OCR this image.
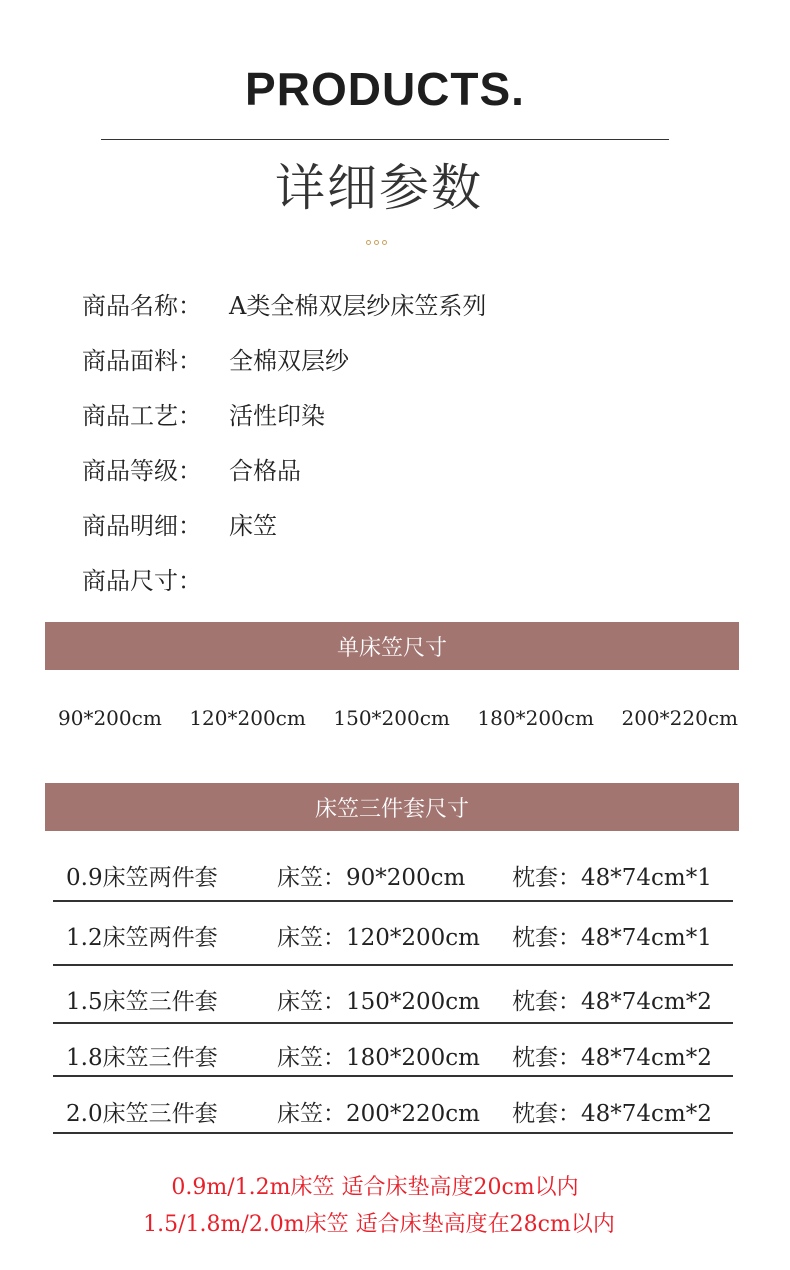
PRODUCTS.
详细参数
商品名称：	A类全棉双层纱床笠系列
商品面料：	全棉双层纱
商品工艺：	活性印染
商品等级：	合格品
商品明细：	床笠
商品尺寸：
单床笠尺寸
90*200cm 120*200cm 150*200cm 180*200cm 200*220cm
床笠三件套尺寸
0.9床笠两件套	床笠：90*200cm 枕套：48*74cm*1
1.2床笠两件套	床笠：120*200cm 枕套：48*74cm*1
1.5床笠三件套	床笠：150*200cm 枕套：48*74cm*2
1.8床笠三件套	床笠：180*200cm 枕套：48*74cm*2
2.0床笠三件套	床笠：200*220cm 枕套：48*74cm*2
0.9m/1.2m床笠 适合床垫高度20cm以内
1.5/1.8m/2.0m床笠 适合床垫高度在28cm以内
